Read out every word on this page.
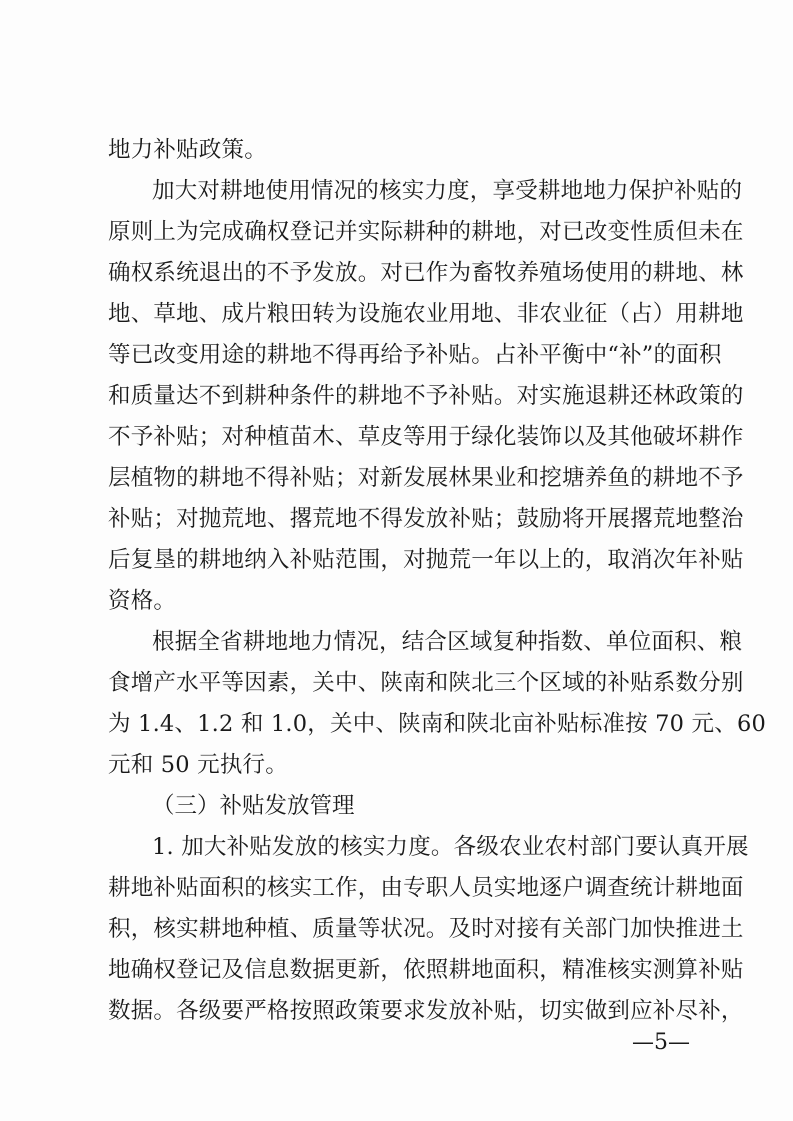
地力补贴政策。
加大对耕地使用情况的核实力度，享受耕地地力保护补贴的
原则上为完成确权登记并实际耕种的耕地，对已改变性质但未在
确权系统退出的不予发放。对已作为畜牧养殖场使用的耕地、林
地、草地、成片粮田转为设施农业用地、非农业征（占）用耕地
等已改变用途的耕地不得再给予补贴。占补平衡中“补”的面积
和质量达不到耕种条件的耕地不予补贴。对实施退耕还林政策的
不予补贴；对种植苗木、草皮等用于绿化装饰以及其他破坏耕作
层植物的耕地不得补贴；对新发展林果业和挖塘养鱼的耕地不予
补贴；对抛荒地、撂荒地不得发放补贴；鼓励将开展撂荒地整治
后复垦的耕地纳入补贴范围，对抛荒一年以上的，取消次年补贴
资格。
根据全省耕地地力情况，结合区域复种指数、单位面积、粮
食增产水平等因素，关中、陕南和陕北三个区域的补贴系数分别
为 1.4、1.2 和 1.0，关中、陕南和陕北亩补贴标准按 70 元、60
元和 50 元执行。
（三）补贴发放管理
1. 加大补贴发放的核实力度。各级农业农村部门要认真开展
耕地补贴面积的核实工作，由专职人员实地逐户调查统计耕地面
积，核实耕地种植、质量等状况。及时对接有关部门加快推进土
地确权登记及信息数据更新，依照耕地面积，精准核实测算补贴
数据。各级要严格按照政策要求发放补贴，切实做到应补尽补，
—5—
